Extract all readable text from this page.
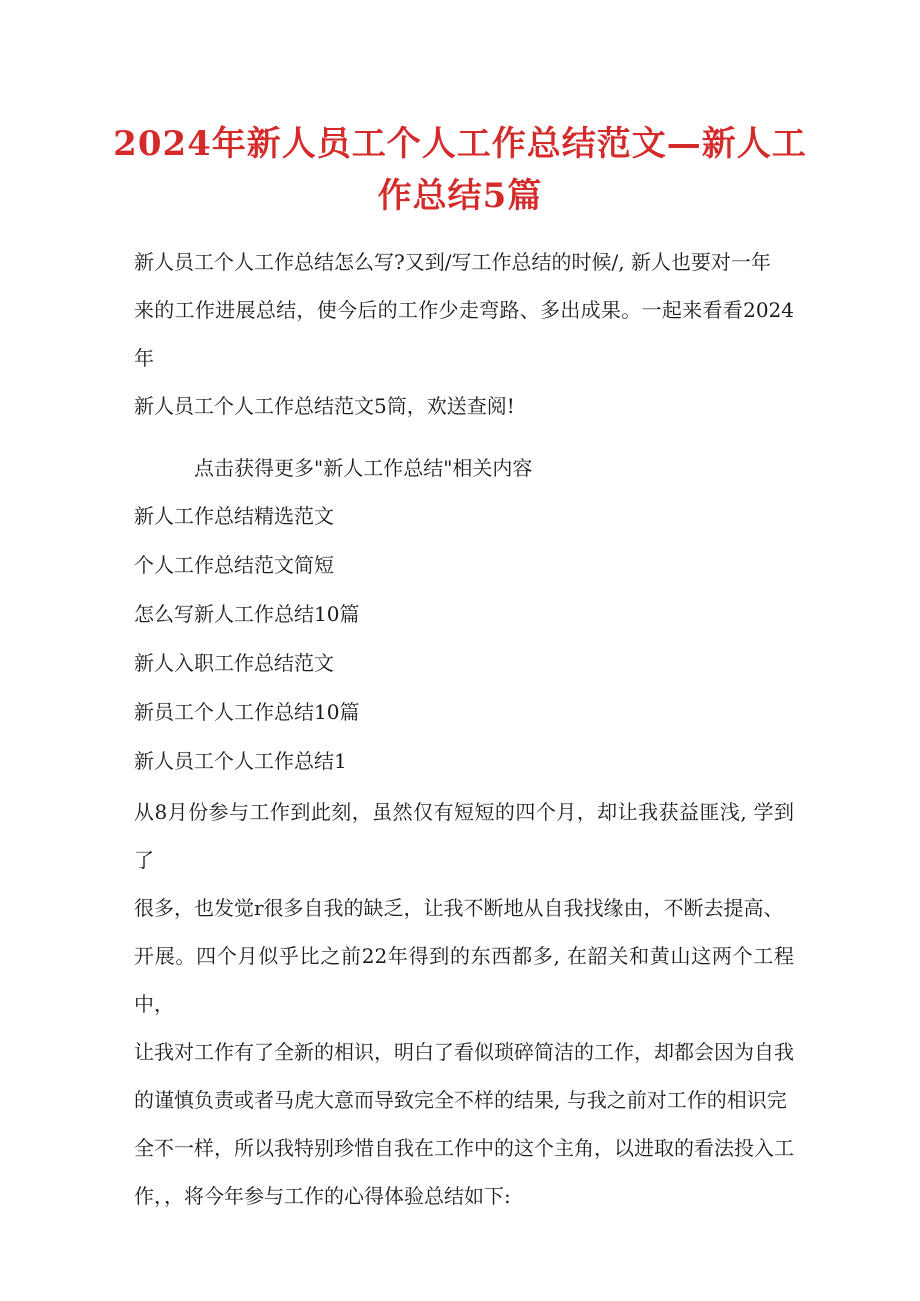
2024年新人员工个人工作总结范文—新人工
作总结5篇
新人员工个人工作总结怎么写?又到/写工作总结的时候/, 新人也要对一年
来的工作进展总结，使今后的工作少走弯路、多出成果。一起来看看2024年
新人员工个人工作总结范文5筒，欢送查阅!

点击获得更多"新人工作总结"相关内容

新人工作总结精选范文
个人工作总结范文简短
怎么写新人工作总结10篇
新人入职工作总结范文
新员工个人工作总结10篇
新人员工个人工作总结1
从8月份参与工作到此刻，虽然仅有短短的四个月，却让我获益匪浅, 学到了
很多，也发觉r很多自我的缺乏，让我不断地从自我找缘由，不断去提高、
开展。四个月似乎比之前22年得到的东西都多, 在韶关和黄山这两个工程中，
让我对工作有了全新的相识，明白了看似琐碎简洁的工作，却都会因为自我
的谨慎负责或者马虎大意而导致完全不样的结果, 与我之前对工作的相识完
全不一样，所以我特别珍惜自我在工作中的这个主角，以进取的看法投入工
作，，将今年参与工作的心得体验总结如下:
